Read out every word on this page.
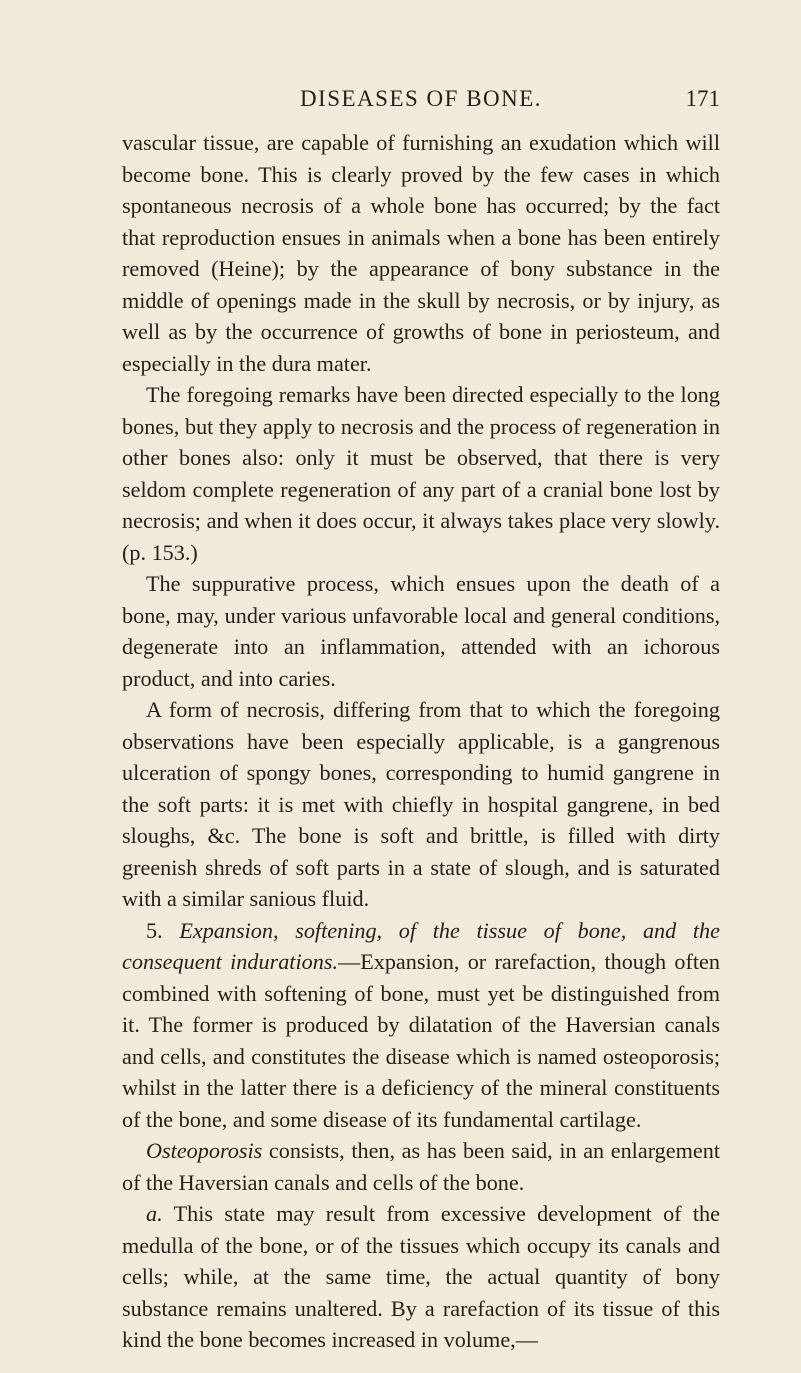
DISEASES OF BONE.	171

vascular tissue, are capable of furnishing an exudation which will become bone. This is clearly proved by the few cases in which spontaneous necrosis of a whole bone has occurred; by the fact that reproduction ensues in animals when a bone has been entirely removed (Heine); by the appearance of bony substance in the middle of openings made in the skull by necrosis, or by injury, as well as by the occurrence of growths of bone in periosteum, and especially in the dura mater.

The foregoing remarks have been directed especially to the long bones, but they apply to necrosis and the process of regeneration in other bones also: only it must be observed, that there is very seldom complete regeneration of any part of a cranial bone lost by necrosis; and when it does occur, it always takes place very slowly. (p. 153.)

The suppurative process, which ensues upon the death of a bone, may, under various unfavorable local and general conditions, degenerate into an inflammation, attended with an ichorous product, and into caries.

A form of necrosis, differing from that to which the foregoing observations have been especially applicable, is a gangrenous ulceration of spongy bones, corresponding to humid gangrene in the soft parts: it is met with chiefly in hospital gangrene, in bed sloughs, &c. The bone is soft and brittle, is filled with dirty greenish shreds of soft parts in a state of slough, and is saturated with a similar sanious fluid.

5. Expansion, softening, of the tissue of bone, and the consequent indurations.—Expansion, or rarefaction, though often combined with softening of bone, must yet be distinguished from it. The former is produced by dilatation of the Haversian canals and cells, and constitutes the disease which is named osteoporosis; whilst in the latter there is a deficiency of the mineral constituents of the bone, and some disease of its fundamental cartilage.

Osteoporosis consists, then, as has been said, in an enlargement of the Haversian canals and cells of the bone.

a. This state may result from excessive development of the medulla of the bone, or of the tissues which occupy its canals and cells; while, at the same time, the actual quantity of bony substance remains unaltered. By a rarefaction of its tissue of this kind the bone becomes increased in volume,—
